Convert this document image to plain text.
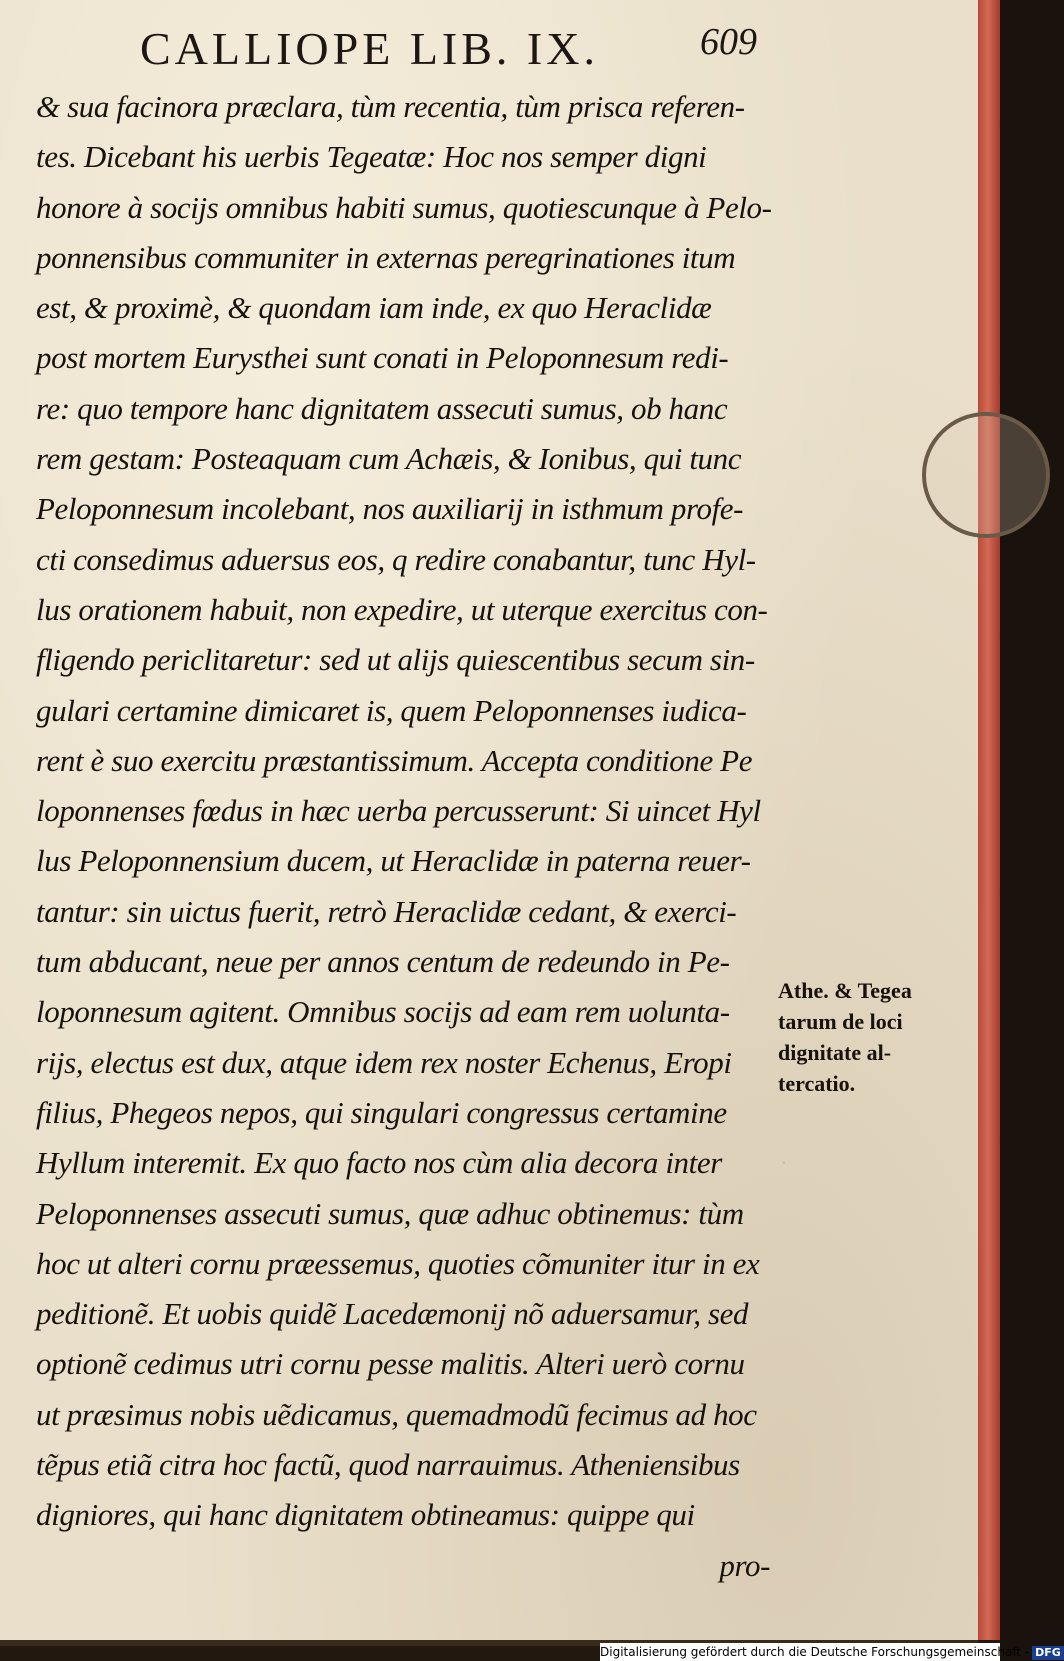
·
CALLIOPE LIB. IX.	609
& sua facinora præclara, tùm recentia, tùm prisca referen-
tes. Dicebant his uerbis Tegeatæ: Hoc nos semper digni
honore à socijs omnibus habiti sumus, quotiescunque à Pelo-
ponnensibus communiter in externas peregrinationes itum
est, & proximè, & quondam iam inde, ex quo Heraclidæ
post mortem Eurysthei sunt conati in Peloponnesum redi-
re: quo tempore hanc dignitatem assecuti sumus, ob hanc
rem gestam: Posteaquam cum Achæis, & Ionibus, qui tunc
Peloponnesum incolebant, nos auxiliarij in isthmum profe-
cti consedimus aduersus eos, q redire conabantur, tunc Hyl-
lus orationem habuit, non expedire, ut uterque exercitus con-
fligendo periclitaretur: sed ut alijs quiescentibus secum sin-
gulari certamine dimicaret is, quem Peloponnenses iudica-
rent è suo exercitu præstantissimum. Accepta conditione Pe
loponnenses fœdus in hæc uerba percusserunt: Si uincet Hyl
lus Peloponnensium ducem, ut Heraclidæ in paterna reuer-
tantur: sin uictus fuerit, retrò Heraclidæ cedant, & exerci-
tum abducant, neue per annos centum de redeundo in Pe-
loponnesum agitent. Omnibus socijs ad eam rem uolunta-
rijs, electus est dux, atque idem rex noster Echenus, Eropi
filius, Phegeos nepos, qui singulari congressus certamine
Hyllum interemit. Ex quo facto nos cùm alia decora inter
Peloponnenses assecuti sumus, quæ adhuc obtinemus: tùm
hoc ut alteri cornu præessemus, quoties cõmuniter itur in ex
peditionẽ. Et uobis quidẽ Lacedæmonij nõ aduersamur, sed
optionẽ cedimus utri cornu pesse malitis. Alteri uerò cornu
ut præsimus nobis uẽdicamus, quemadmodũ fecimus ad hoc
tẽpus etiã citra hoc factũ, quod narrauimus. Atheniensibus
digniores, qui hanc dignitatem obtineamus: quippe qui
pro-
Athe. & Tegea
tarum de loci
dignitate al-
tercatio.
Digitalisierung gefördert durch die Deutsche Forschungsgemeinschaft - DFG
